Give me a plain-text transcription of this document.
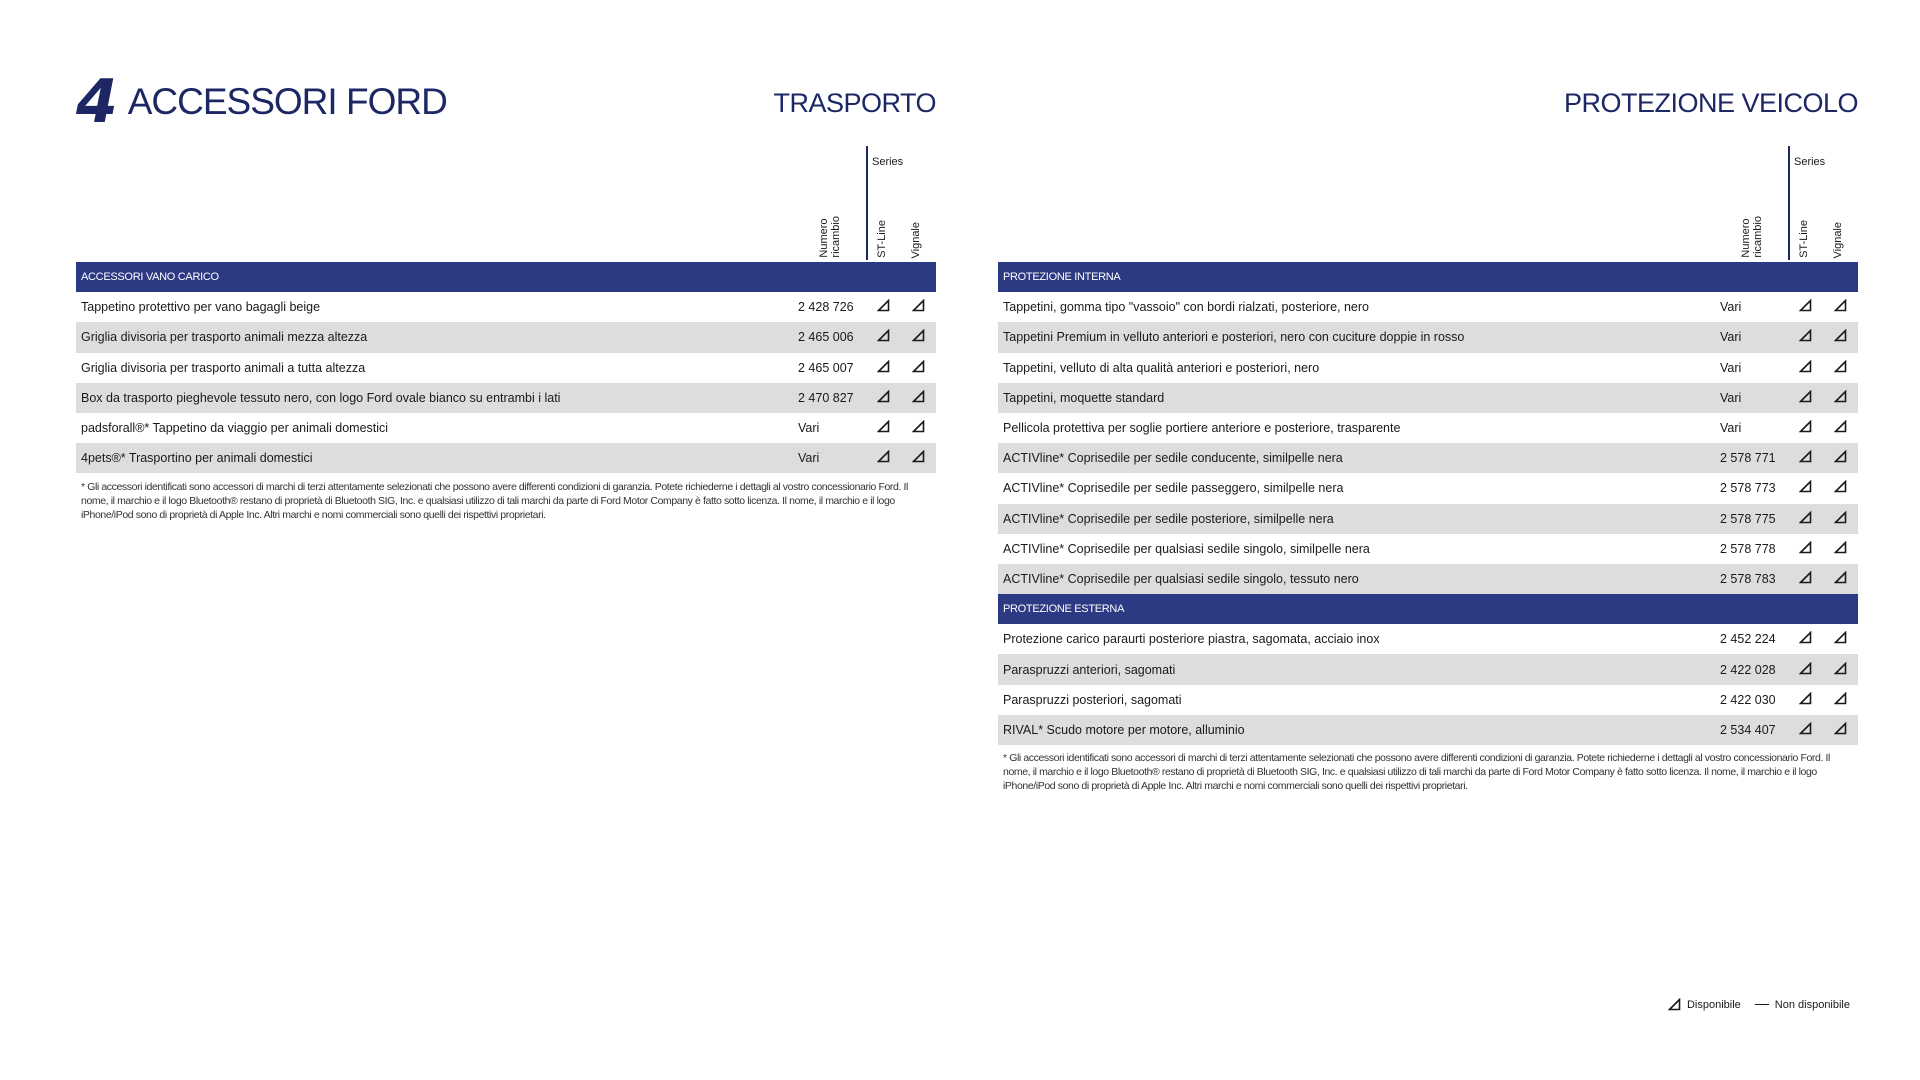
4 ACCESSORI FORD	TRASPORTO
Numero
ricambio
Series
ST-Line Vignale
ACCESSORI VANO CARICO			
Tappetino protettivo per vano bagagli beige	2 428 726	

Griglia divisoria per trasporto animali mezza altezza	2 465 006	

Griglia divisoria per trasporto animali a tutta altezza	2 465 007	

Box da trasporto pieghevole tessuto nero, con logo Ford ovale bianco su entrambi i lati	2 470 827	

padsforall®* Tappetino da viaggio per animali domestici	Vari	

4pets®* Trasportino per animali domestici	Vari	

* Gli accessori identificati sono accessori di marchi di terzi attentamente selezionati che possono avere differenti condizioni di garanzia. Potete richiederne i dettagli al vostro concessionario Ford. Il nome, il marchio e il logo Bluetooth® restano di proprietà di Bluetooth SIG, Inc. e qualsiasi utilizzo di tali marchi da parte di Ford Motor Company è fatto sotto licenza. Il nome, il marchio e il logo iPhone/iPod sono di proprietà di Apple Inc. Altri marchi e nomi commerciali sono quelli dei rispettivi proprietari.
PROTEZIONE VEICOLO
Numero
ricambio
Series
ST-Line Vignale
PROTEZIONE INTERNA			
Tappetini, gomma tipo "vassoio" con bordi rialzati, posteriore, nero	Vari	

Tappetini Premium in velluto anteriori e posteriori, nero con cuciture doppie in rosso	Vari	

Tappetini, velluto di alta qualità anteriori e posteriori, nero	Vari	

Tappetini, moquette standard	Vari	

Pellicola protettiva per soglie portiere anteriore e posteriore, trasparente	Vari	

ACTIVline* Coprisedile per sedile conducente, similpelle nera	2 578 771	

ACTIVline* Coprisedile per sedile passeggero, similpelle nera	2 578 773	

ACTIVline* Coprisedile per sedile posteriore, similpelle nera	2 578 775	

ACTIVline* Coprisedile per qualsiasi sedile singolo, similpelle nera	2 578 778	

ACTIVline* Coprisedile per qualsiasi sedile singolo, tessuto nero	2 578 783	

PROTEZIONE ESTERNA			
Protezione carico paraurti posteriore piastra, sagomata, acciaio inox	2 452 224	

Paraspruzzi anteriori, sagomati	2 422 028	

Paraspruzzi posteriori, sagomati	2 422 030	

RIVAL* Scudo motore per motore, alluminio	2 534 407	

* Gli accessori identificati sono accessori di marchi di terzi attentamente selezionati che possono avere differenti condizioni di garanzia. Potete richiederne i dettagli al vostro concessionario Ford. Il nome, il marchio e il logo Bluetooth® restano di proprietà di Bluetooth SIG, Inc. e qualsiasi utilizzo di tali marchi da parte di Ford Motor Company è fatto sotto licenza. Il nome, il marchio e il logo iPhone/iPod sono di proprietà di Apple Inc. Altri marchi e nomi commerciali sono quelli dei rispettivi proprietari.
Disponibile	Non disponibile
